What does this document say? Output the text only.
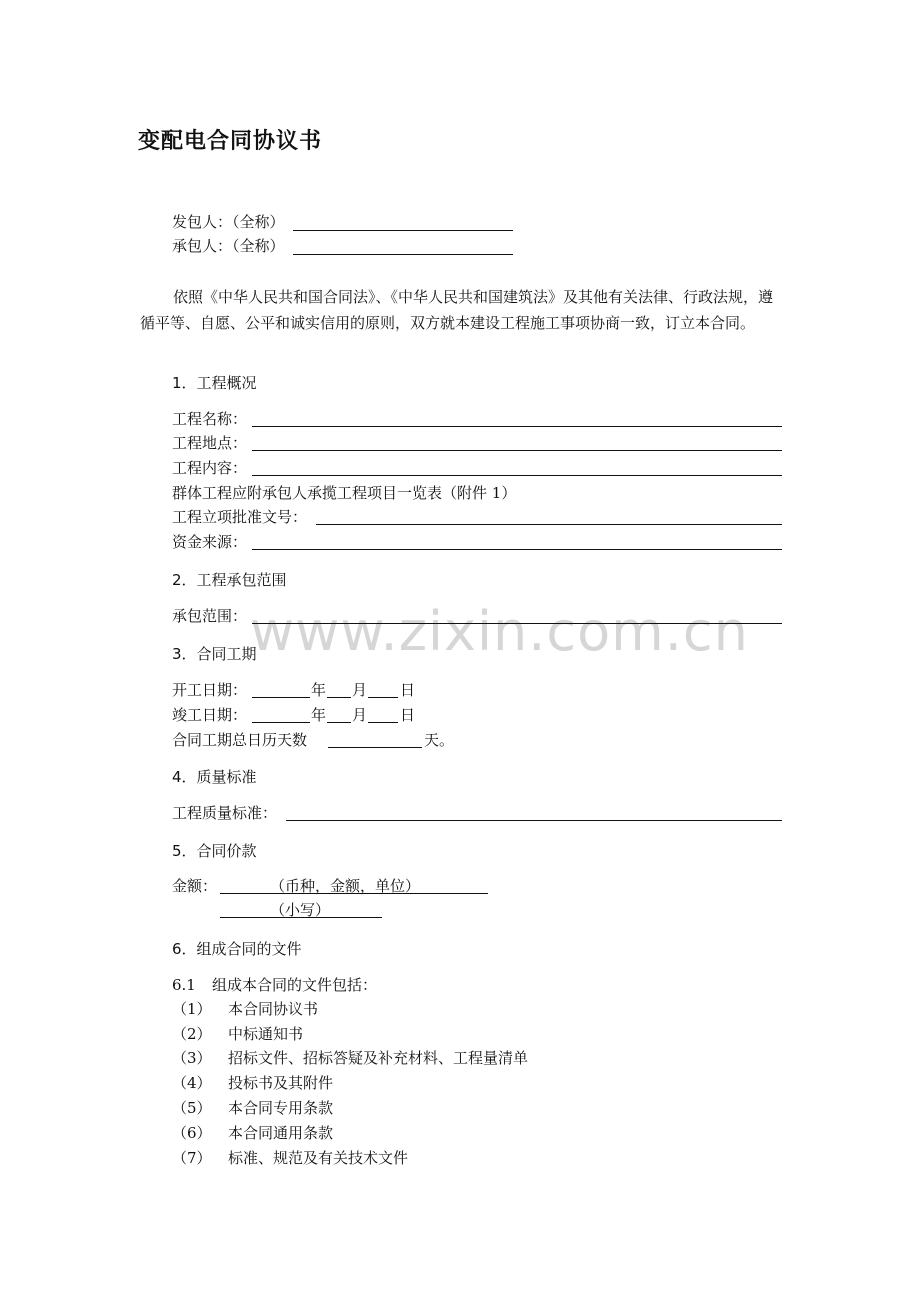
www.zixin.com.cn
变配电合同协议书
发包人：（全称）
承包人：（全称）
依照《中华人民共和国合同法》、《中华人民共和国建筑法》及其他有关法律、行政法规，遵循平等、自愿、公平和诚实信用的原则，双方就本建设工程施工事项协商一致，订立本合同。
1．工程概况
工程名称：
工程地点：
工程内容：
群体工程应附承包人承揽工程项目一览表（附件 1）
工程立项批准文号：
资金来源：
2．工程承包范围
承包范围：
3．合同工期
开工日期：	年 月 日
竣工日期：	年 月 日
合同工期总日历天数	天。
4．质量标准
工程质量标准：
5．合同价款
金额：	（币种，金额，单位）
（小写）
6．组成合同的文件
6.1 组成本合同的文件包括：
（1） 本合同协议书
（2） 中标通知书
（3） 招标文件、招标答疑及补充材料、工程量清单
（4） 投标书及其附件
（5） 本合同专用条款
（6） 本合同通用条款
（7） 标准、规范及有关技术文件
